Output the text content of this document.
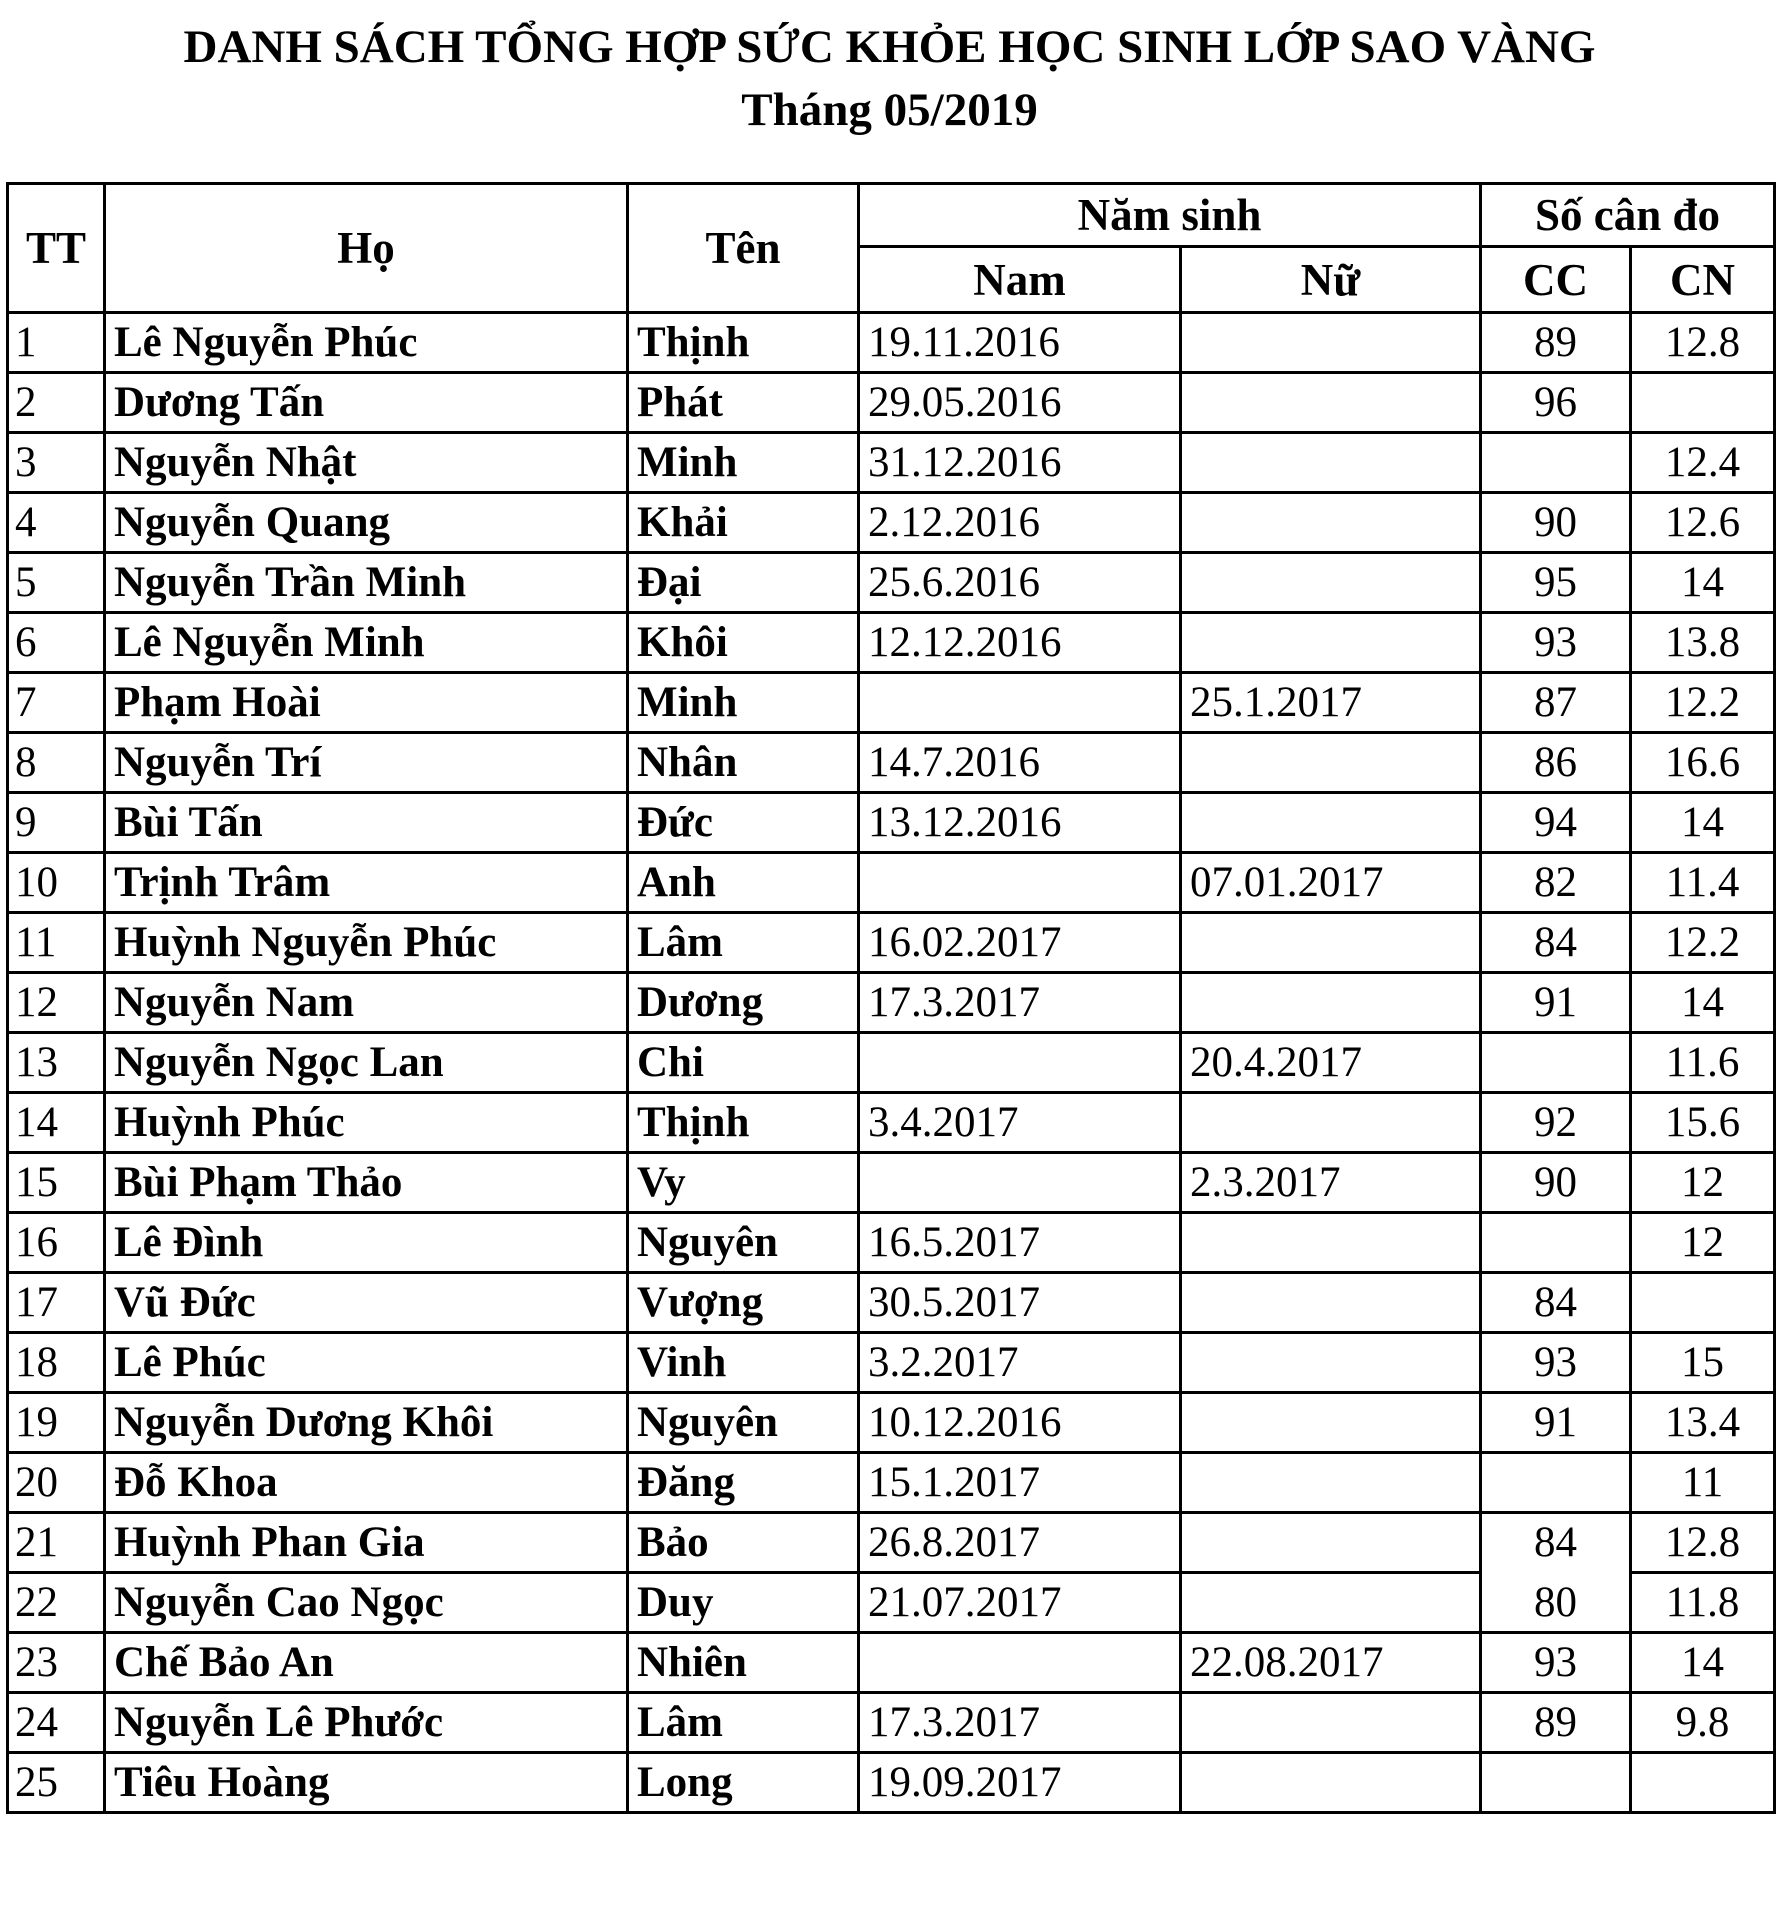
DANH SÁCH TỔNG HỢP SỨC KHỎE HỌC SINH LỚP SAO VÀNG
Tháng 05/2019
TT	Họ	Tên	Năm sinh		Số cân đo	
			Nam	Nữ	CC	CN
1	Lê Nguyễn Phúc	Thịnh	19.11.2016		89	12.8
2	Dương Tấn	Phát	29.05.2016		96	
3	Nguyễn Nhật	Minh	31.12.2016			12.4
4	Nguyễn Quang	Khải	2.12.2016		90	12.6
5	Nguyễn Trần Minh	Đại	25.6.2016		95	14
6	Lê Nguyễn Minh	Khôi	12.12.2016		93	13.8
7	Phạm Hoài	Minh		25.1.2017	87	12.2
8	Nguyễn Trí	Nhân	14.7.2016		86	16.6
9	Bùi Tấn	Đức	13.12.2016		94	14
10	Trịnh Trâm	Anh		07.01.2017	82	11.4
11	Huỳnh Nguyễn Phúc	Lâm	16.02.2017		84	12.2
12	Nguyễn Nam	Dương	17.3.2017		91	14
13	Nguyễn Ngọc Lan	Chi		20.4.2017		11.6
14	Huỳnh Phúc	Thịnh	3.4.2017		92	15.6
15	Bùi Phạm Thảo	Vy		2.3.2017	90	12
16	Lê Đình	Nguyên	16.5.2017			12
17	Vũ Đức	Vượng	30.5.2017		84	
18	Lê Phúc	Vinh	3.2.2017		93	15
19	Nguyễn Dương Khôi	Nguyên	10.12.2016		91	13.4
20	Đỗ Khoa	Đăng	15.1.2017			11
21	Huỳnh Phan Gia	Bảo	26.8.2017		84	12.8
22	Nguyễn Cao Ngọc	Duy	21.07.2017		80	11.8
23	Chế Bảo An	Nhiên		22.08.2017	93	14
24	Nguyễn Lê Phước	Lâm	17.3.2017		89	9.8
25	Tiêu Hoàng	Long	19.09.2017			
